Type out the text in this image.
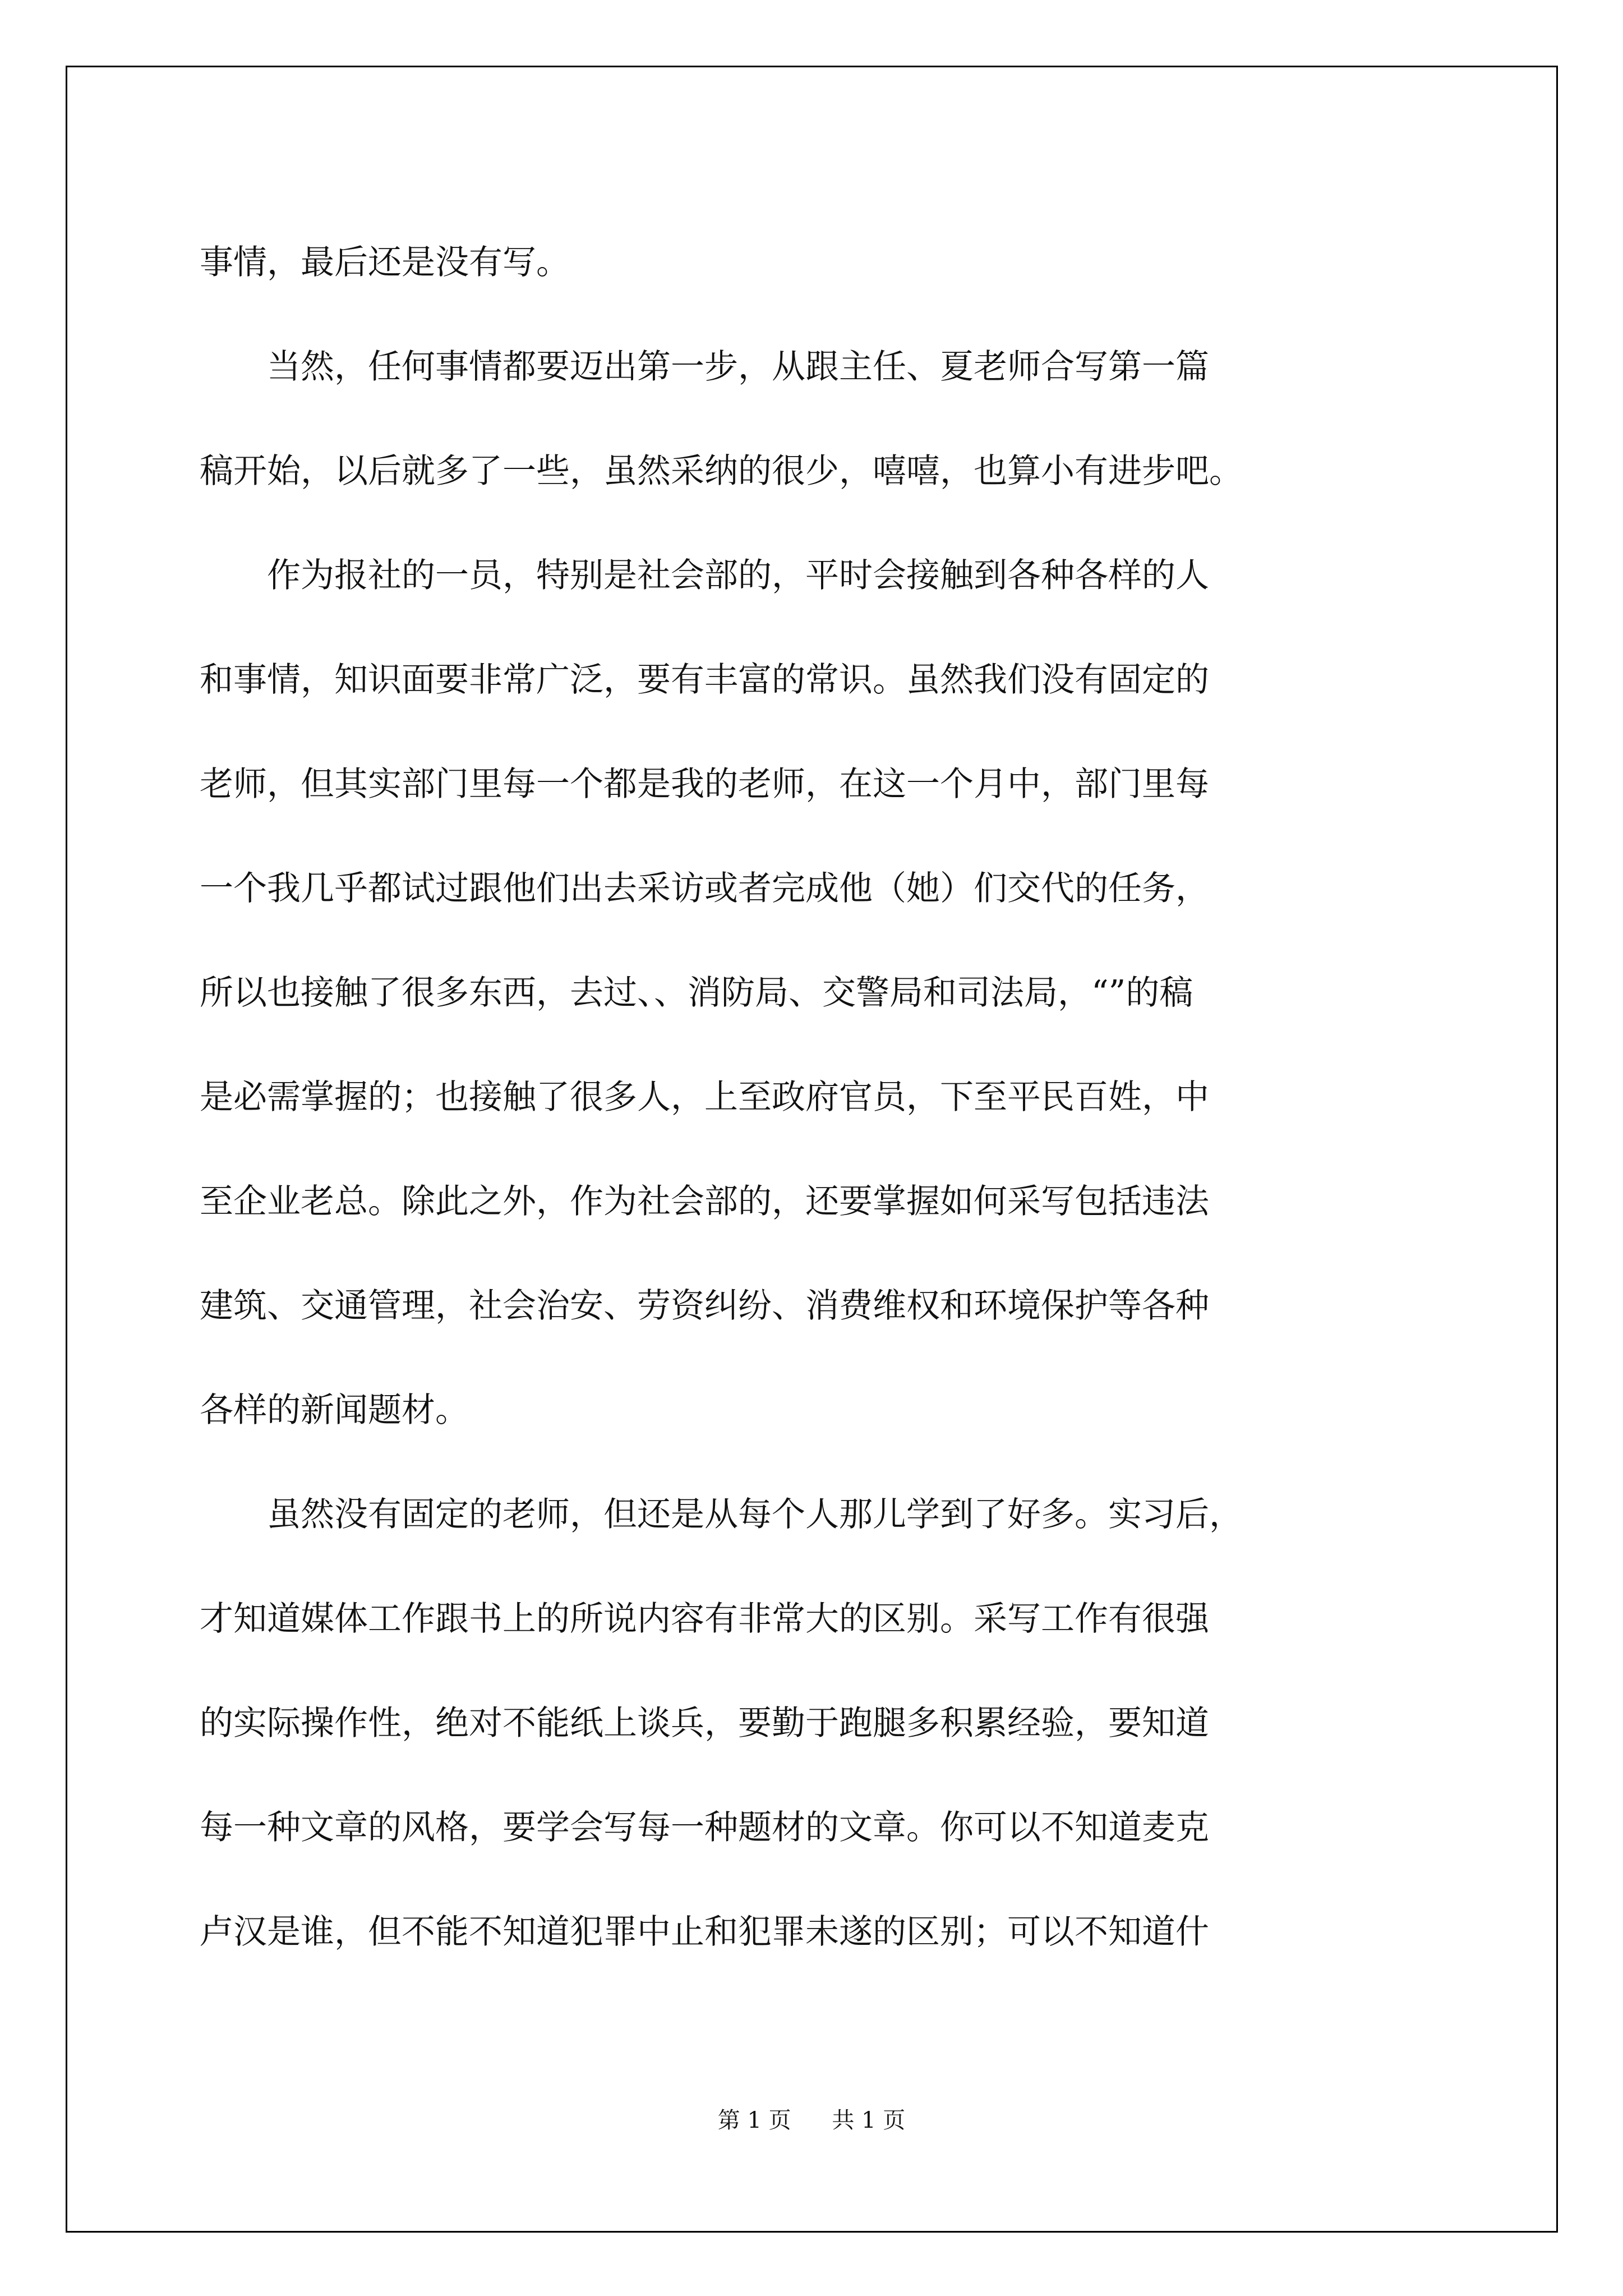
事情，最后还是没有写。
当然，任何事情都要迈出第一步，从跟主任、夏老师合写第一篇
稿开始，以后就多了一些，虽然采纳的很少，嘻嘻，也算小有进步吧。
作为报社的一员，特别是社会部的，平时会接触到各种各样的人
和事情，知识面要非常广泛，要有丰富的常识。虽然我们没有固定的
老师，但其实部门里每一个都是我的老师，在这一个月中，部门里每
一个我几乎都试过跟他们出去采访或者完成他（她）们交代的任务，
所以也接触了很多东西，去过、、消防局、交警局和司法局，“”的稿
是必需掌握的；也接触了很多人，上至政府官员，下至平民百姓，中
至企业老总。除此之外，作为社会部的，还要掌握如何采写包括违法
建筑、交通管理，社会治安、劳资纠纷、消费维权和环境保护等各种
各样的新闻题材。
虽然没有固定的老师，但还是从每个人那儿学到了好多。实习后，
才知道媒体工作跟书上的所说内容有非常大的区别。采写工作有很强
的实际操作性，绝对不能纸上谈兵，要勤于跑腿多积累经验，要知道
每一种文章的风格，要学会写每一种题材的文章。你可以不知道麦克
卢汉是谁，但不能不知道犯罪中止和犯罪未遂的区别；可以不知道什
第 1 页 共 1 页
